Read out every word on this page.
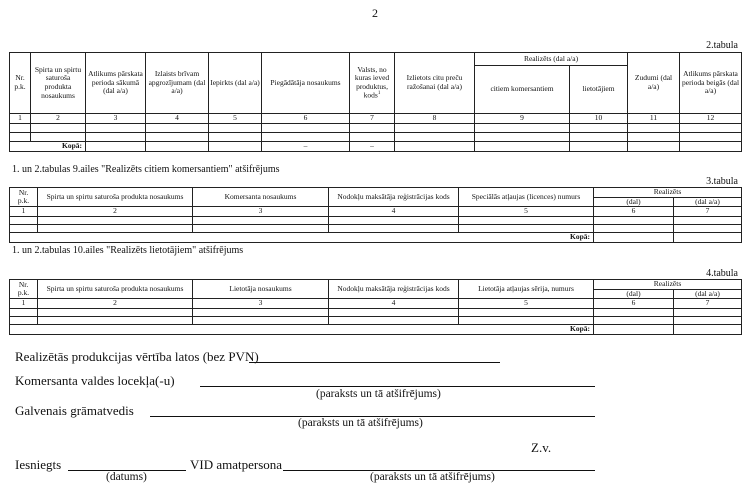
2
2.tabula
Nr.
p.k.	Spirta un spirtu saturoša produkta nosaukums	Atlikums pārskata perioda sākumā (dal a/a)	Izlaists brīvam apgrozījumam (dal a/a)	Iepirkts (dal a/a)	Piegādātāja nosaukums	Valsts, no kuras ieved produktus, kods$^1$	Izlietots citu preču ražošanai (dal a/a)	Realizēts (dal a/a)		Zudumi (dal a/a)	Atlikums pārskata perioda beigās (dal a/a)
								citiem komersantiem	lietotājiem		
1	2	3	4	5	6	7	8	9	10	11	12

Kopā:					–	–					
1. un 2.tabulas 9.ailes "Realizēts citiem komersantiem" atšifrējums
3.tabula
Nr.
p.k.	Spirta un spirtu saturoša produkta nosaukums	Komersanta nosaukums	Nodokļu maksātāja reģistrācijas kods	Speciālās atļaujas (licences) numurs	Realizēts	
					(dal)	(dal a/a)
1	2	3	4	5	6	7

Kopā:						
1. un 2.tabulas 10.ailes "Realizēts lietotājiem" atšifrējums
4.tabula
Nr.
p.k.	Spirta un spirtu saturoša produkta nosaukums	Lietotāja nosaukums	Nodokļu maksātāja reģistrācijas kods	Lietotāja atļaujas sērija, numurs	Realizēts	
					(dal)	(dal a/a)
1	2	3	4	5	6	7

Kopā:						
Realizētās produkcijas vērtība latos (bez PVN)
Komersanta valdes locekļa(-u)
(paraksts un tā atšifrējums)
Galvenais grāmatvedis
(paraksts un tā atšifrējums)
Z.v.
Iesniegts
(datums)
VID amatpersona
(paraksts un tā atšifrējums)
